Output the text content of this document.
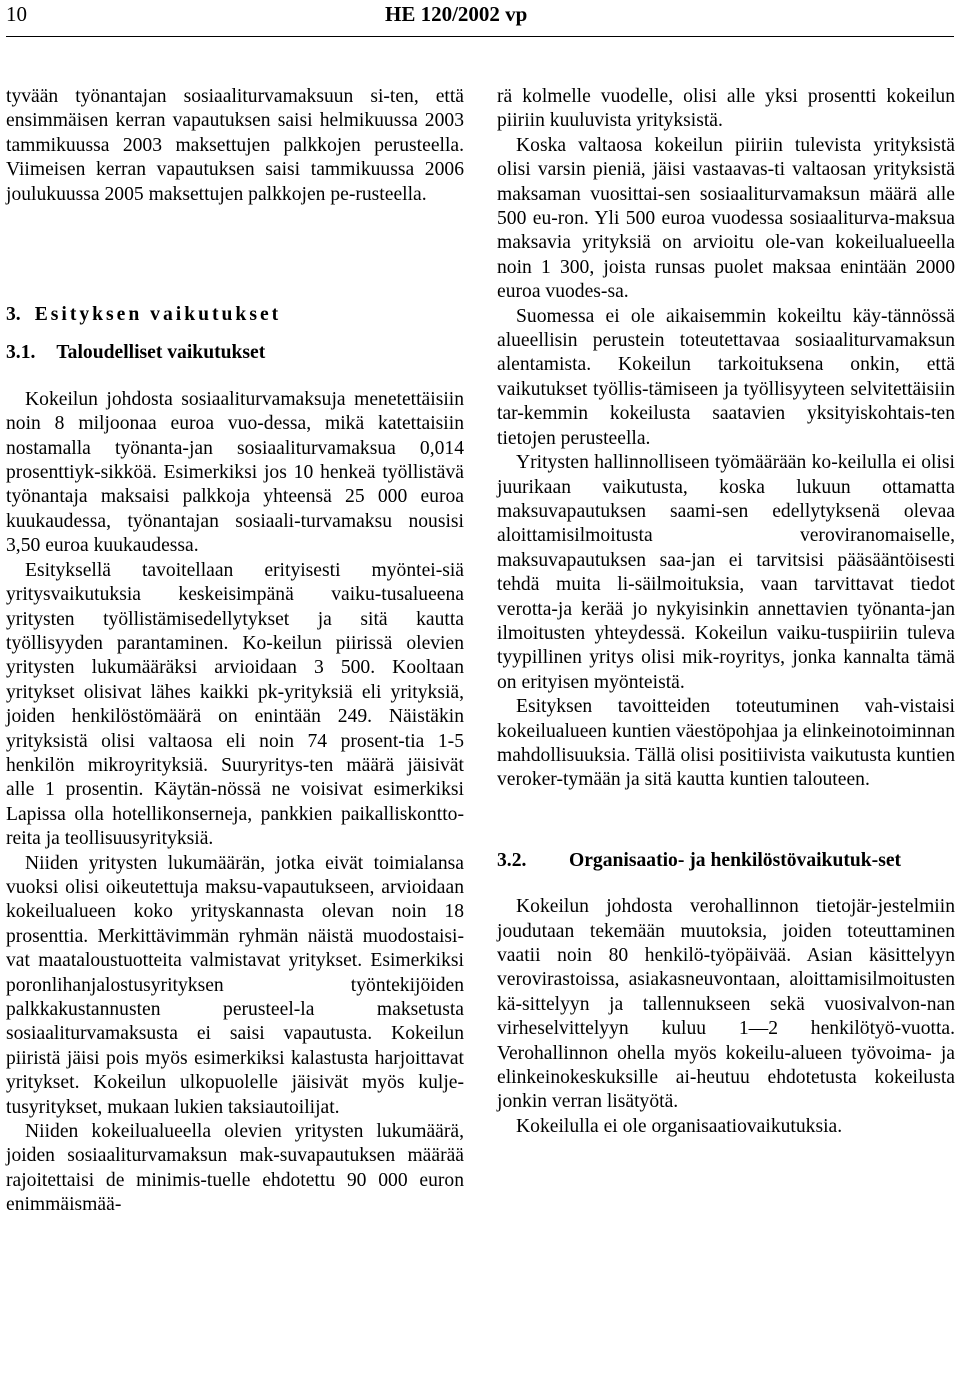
10	HE 120/2002 vp

tyvään työnantajan sosiaaliturvamaksuun si-ten, että ensimmäisen kerran vapautuksen saisi helmikuussa 2003 tammikuussa 2003 maksettujen palkkojen perusteella. Viimeisen kerran vapautuksen saisi tammikuussa 2006 joulukuussa 2005 maksettujen palkkojen pe-rusteella.

3. Esityksen vaikutukset
3.1. Taloudelliset vaikutukset

Kokeilun johdosta sosiaaliturvamaksuja menetettäisiin noin 8 miljoonaa euroa vuo-dessa, mikä katettaisiin nostamalla työnanta-jan sosiaaliturvamaksua 0,014 prosenttiyk-sikköä. Esimerkiksi jos 10 henkeä työllistävä työnantaja maksaisi palkkoja yhteensä 25 000 euroa kuukaudessa, työnantajan sosiaali-turvamaksu nousisi 3,50 euroa kuukaudessa.

Esityksellä tavoitellaan erityisesti myöntei-siä yritysvaikutuksia keskeisimpänä vaiku-tusalueena yritysten työllistämisedellytykset ja sitä kautta työllisyyden parantaminen. Ko-keilun piirissä olevien yritysten lukumääräksi arvioidaan 3 500. Kooltaan yritykset olisivat lähes kaikki pk-yrityksiä eli yrityksiä, joiden henkilöstömäärä on enintään 249. Näistäkin yrityksistä olisi valtaosa eli noin 74 prosent-tia 1-5 henkilön mikroyrityksiä. Suuryritys-ten määrä jäisivät alle 1 prosentin. Käytän-nössä ne voisivat esimerkiksi Lapissa olla hotellikonserneja, pankkien paikalliskontto-reita ja teollisuusyrityksiä.

Niiden yritysten lukumäärän, jotka eivät toimialansa vuoksi olisi oikeutettuja maksu-vapautukseen, arvioidaan kokeilualueen koko yrityskannasta olevan noin 18 prosenttia. Merkittävimmän ryhmän näistä muodostaisi-vat maataloustuotteita valmistavat yritykset. Esimerkiksi poronlihanjalostusyrityksen työntekijöiden palkkakustannusten perusteel-la maksetusta sosiaaliturvamaksusta ei saisi vapautusta. Kokeilun piiristä jäisi pois myös esimerkiksi kalastusta harjoittavat yritykset. Kokeilun ulkopuolelle jäisivät myös kulje-tusyritykset, mukaan lukien taksiautoilijat.

Niiden kokeilualueella olevien yritysten lukumäärä, joiden sosiaaliturvamaksun mak-suvapautuksen määrää rajoitettaisi de minimis-tuelle ehdotettu 90 000 euron enimmäismää-

rä kolmelle vuodelle, olisi alle yksi prosentti kokeilun piiriin kuuluvista yrityksistä.

Koska valtaosa kokeilun piiriin tulevista yrityksistä olisi varsin pieniä, jäisi vastaavas-ti valtaosan yrityksistä maksaman vuosittai-sen sosiaaliturvamaksun määrä alle 500 eu-ron. Yli 500 euroa vuodessa sosiaaliturva-maksua maksavia yrityksiä on arvioitu ole-van kokeilualueella noin 1 300, joista runsas puolet maksaa enintään 2000 euroa vuodes-sa.

Suomessa ei ole aikaisemmin kokeiltu käy-tännössä alueellisin perustein toteutettavaa sosiaaliturvamaksun alentamista. Kokeilun tarkoituksena onkin, että vaikutukset työllis-tämiseen ja työllisyyteen selvitettäisiin tar-kemmin kokeilusta saatavien yksityiskohtais-ten tietojen perusteella.

Yritysten hallinnolliseen työmäärään ko-keilulla ei olisi juurikaan vaikutusta, koska lukuun ottamatta maksuvapautuksen saami-sen edellytyksenä olevaa aloittamisilmoitusta veroviranomaiselle, maksuvapautuksen saa-jan ei tarvitsisi pääsääntöisesti tehdä muita li-säilmoituksia, vaan tarvittavat tiedot verotta-ja kerää jo nykyisinkin annettavien työnanta-jan ilmoitusten yhteydessä. Kokeilun vaiku-tuspiiriin tuleva tyypillinen yritys olisi mik-royritys, jonka kannalta tämä on erityisen myönteistä.

Esityksen tavoitteiden toteutuminen vah-vistaisi kokeilualueen kuntien väestöpohjaa ja elinkeinotoiminnan mahdollisuuksia. Tällä olisi positiivista vaikutusta kuntien veroker-tymään ja sitä kautta kuntien talouteen.

3.2.	Organisaatio- ja henkilöstövaikutuk-set

Kokeilun johdosta verohallinnon tietojär-jestelmiin joudutaan tekemään muutoksia, joiden toteuttaminen vaatii noin 80 henkilö-työpäivää. Asian käsittelyyn verovirastoissa, asiakasneuvontaan, aloittamisilmoitusten kä-sittelyyn ja tallennukseen sekä vuosivalvon-nan virheselvittelyyn kuluu 1—2 henkilötyö-vuotta. Verohallinnon ohella myös kokeilu-alueen työvoima- ja elinkeinokeskuksille ai-heutuu ehdotetusta kokeilusta jonkin verran lisätyötä.

Kokeilulla ei ole organisaatiovaikutuksia.
